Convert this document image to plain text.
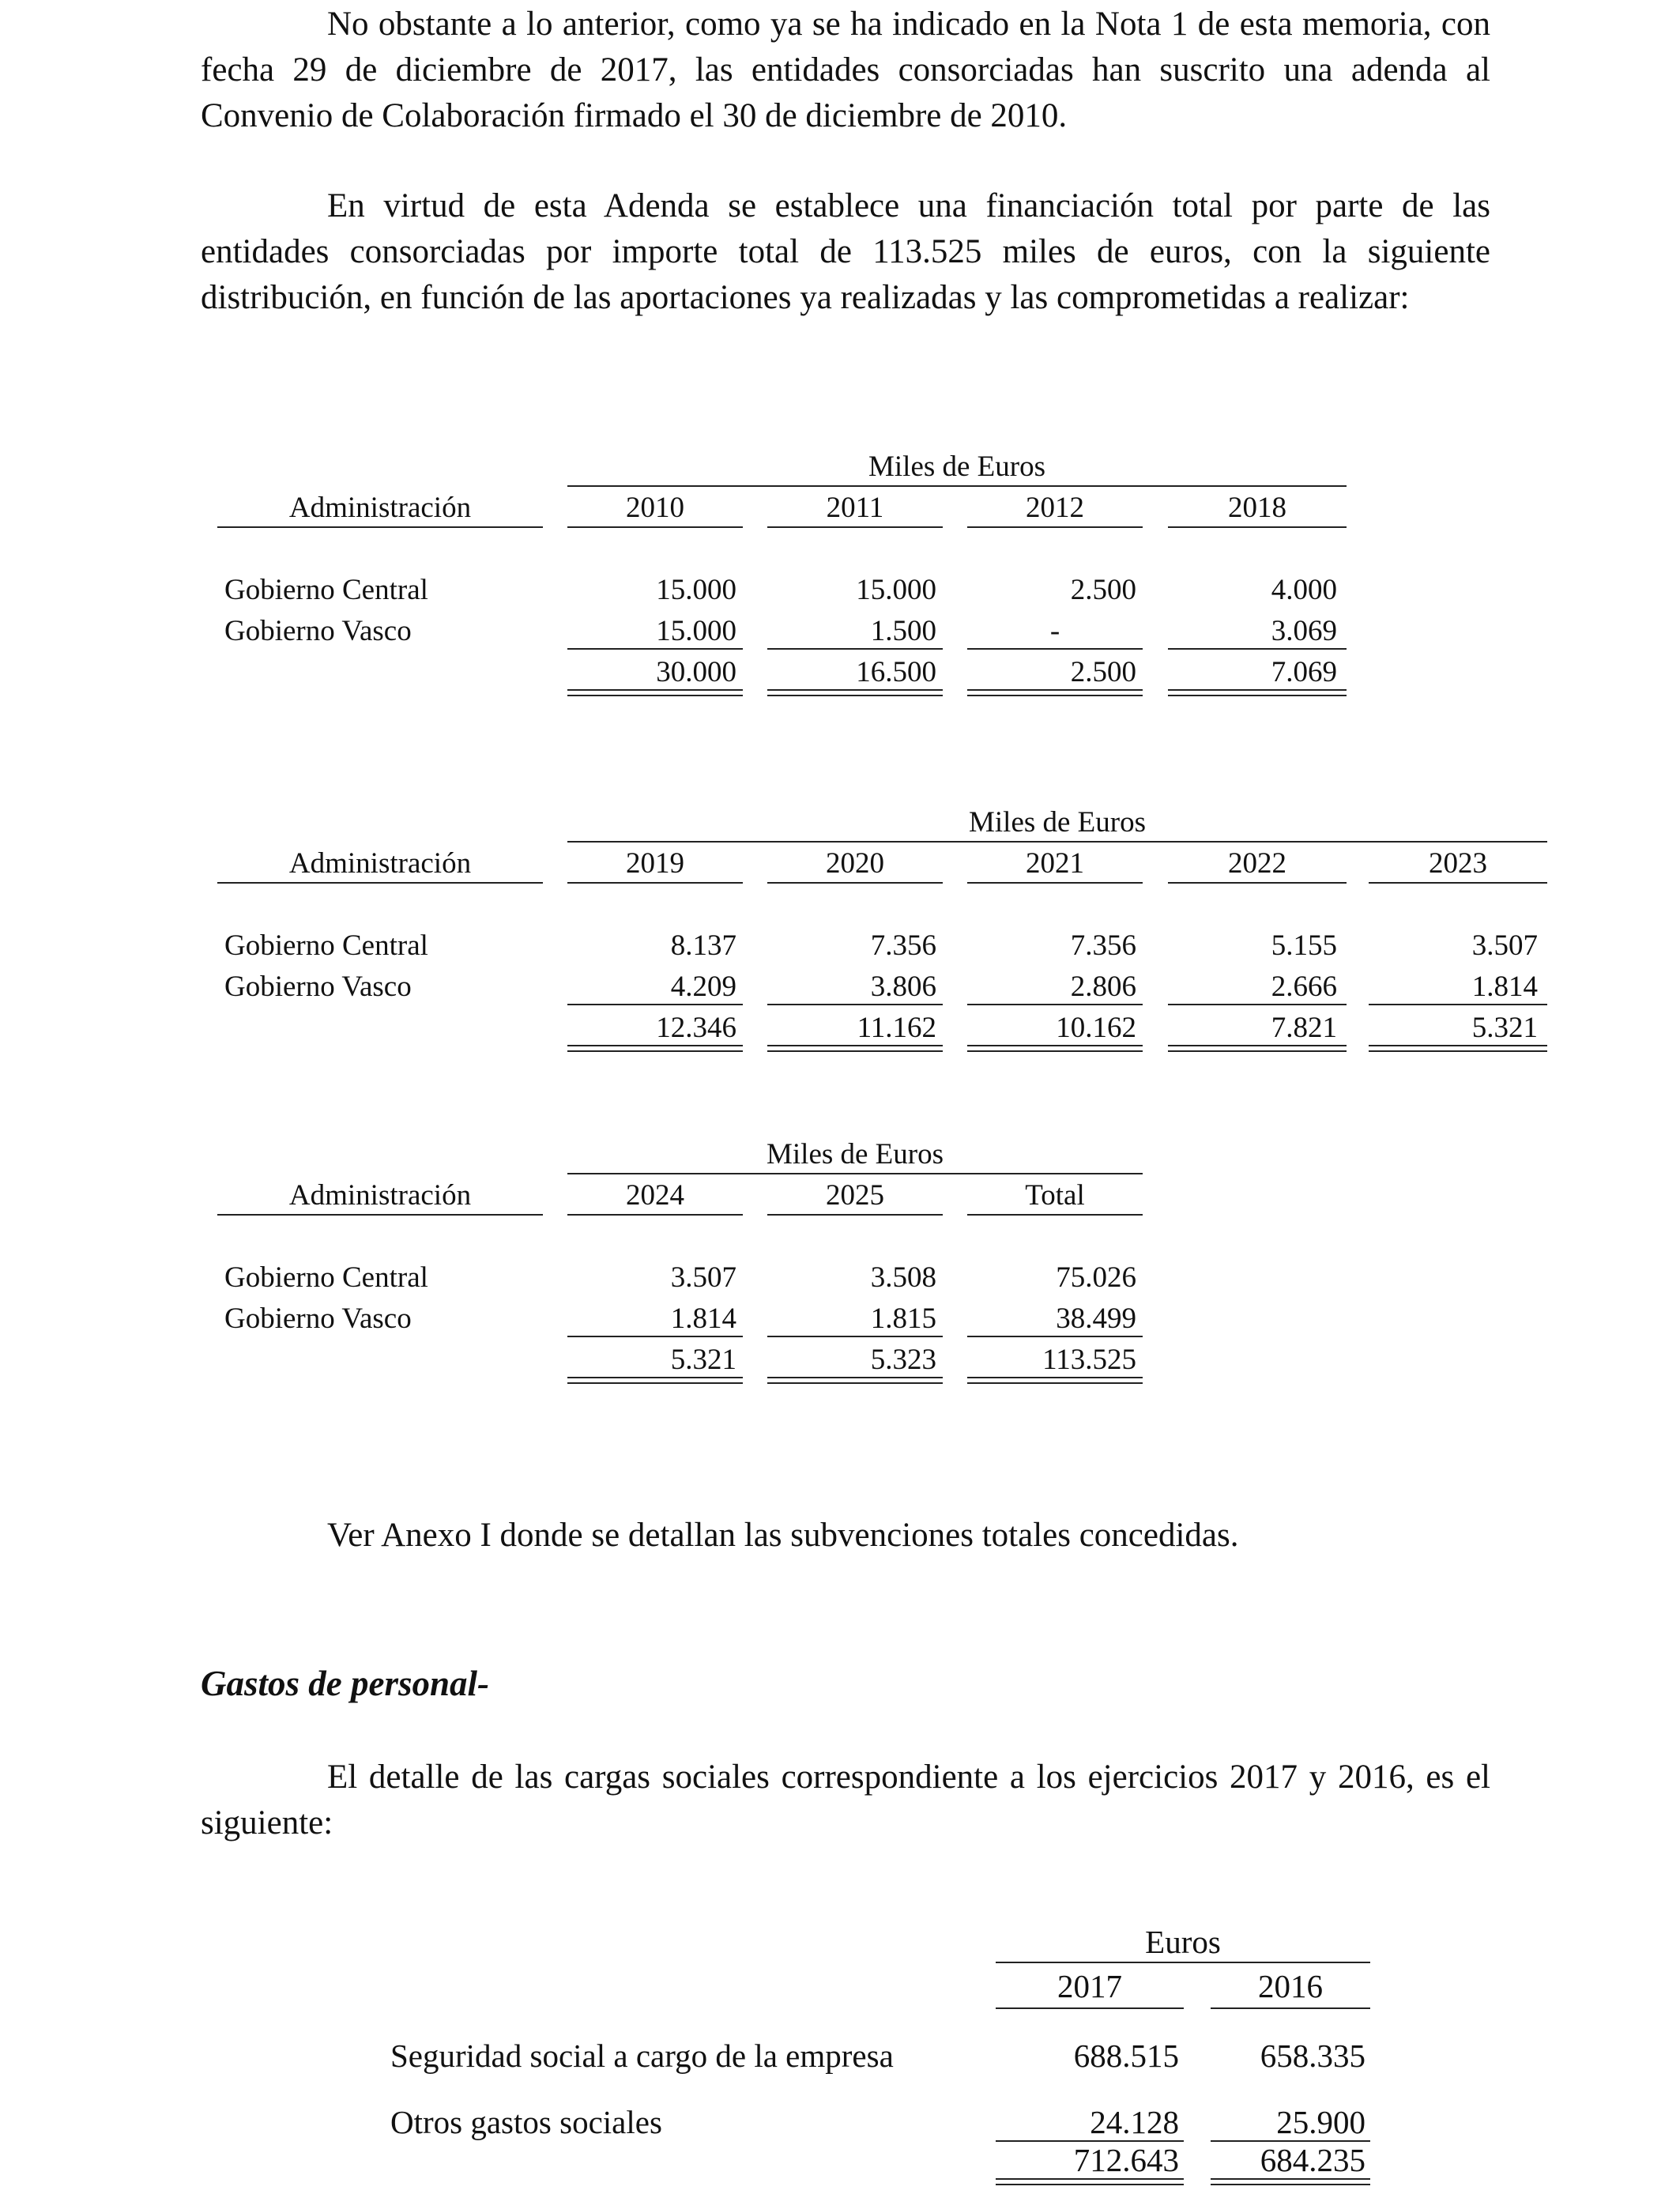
No obstante a lo anterior, como ya se ha indicado en la Nota 1 de esta memoria, con fecha 29 de diciembre de 2017, las entidades consorciadas han suscrito una adenda al Convenio de Colaboración firmado el 30 de diciembre de 2010.

En virtud de esta Adenda se establece una financiación total por parte de las entidades consorciadas por importe total de 113.525 miles de euros, con la siguiente distribución, en función de las aportaciones ya realizadas y las comprometidas a realizar:

Miles de Euros
Administración	2010	2011	2012	2018
Gobierno Central	15.000	15.000	2.500	4.000
Gobierno Vasco	15.000	1.500	-	3.069
30.000	16.500	2.500	7.069
Miles de Euros
Administración	2019	2020	2021	2022	2023
Gobierno Central	8.137	7.356	7.356	5.155	3.507
Gobierno Vasco	4.209	3.806	2.806	2.666	1.814
12.346	11.162	10.162	7.821	5.321
Miles de Euros
Administración	2024	2025	Total
Gobierno Central	3.507	3.508	75.026
Gobierno Vasco	1.814	1.815	38.499
5.321	5.323	113.525
Ver Anexo I donde se detallan las subvenciones totales concedidas.
Gastos de personal-

El detalle de las cargas sociales correspondiente a los ejercicios 2017 y 2016, es el siguiente:

Euros
2017	2016
Seguridad social a cargo de la empresa	688.515	658.335
Otros gastos sociales	24.128	25.900
712.643	684.235
